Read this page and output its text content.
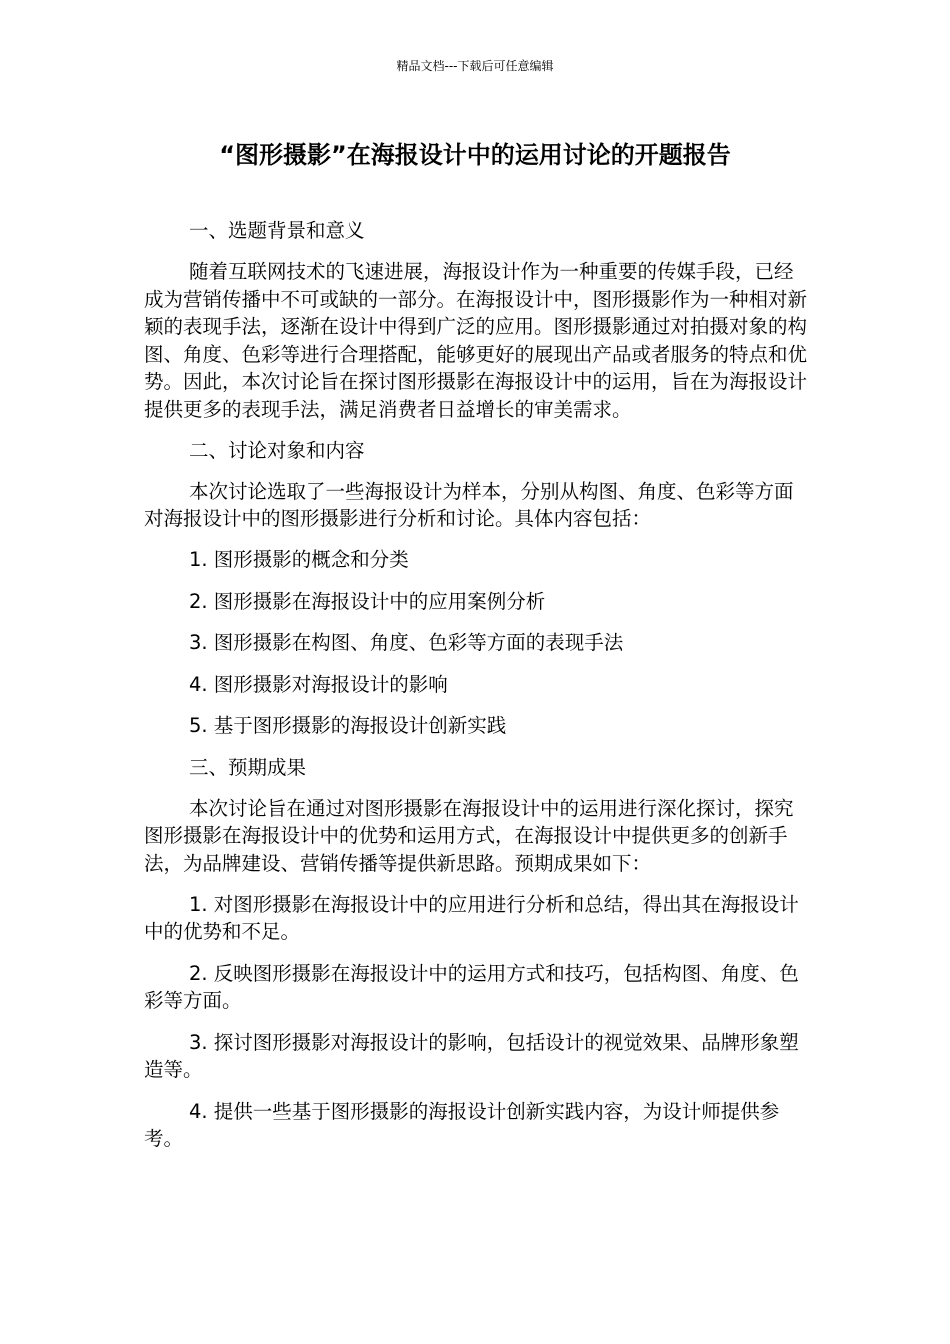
精品文档---下载后可任意编辑
“图形摄影”在海报设计中的运用讨论的开题报告

一、选题背景和意义

随着互联网技术的飞速进展，海报设计作为一种重要的传媒手段，已经成为营销传播中不可或缺的一部分。在海报设计中，图形摄影作为一种相对新颖的表现手法，逐渐在设计中得到广泛的应用。图形摄影通过对拍摄对象的构图、角度、色彩等进行合理搭配，能够更好的展现出产品或者服务的特点和优势。因此，本次讨论旨在探讨图形摄影在海报设计中的运用，旨在为海报设计提供更多的表现手法，满足消费者日益增长的审美需求。

二、讨论对象和内容

本次讨论选取了一些海报设计为样本，分别从构图、角度、色彩等方面对海报设计中的图形摄影进行分析和讨论。具体内容包括：

1. 图形摄影的概念和分类

2. 图形摄影在海报设计中的应用案例分析

3. 图形摄影在构图、角度、色彩等方面的表现手法

4. 图形摄影对海报设计的影响

5. 基于图形摄影的海报设计创新实践

三、预期成果

本次讨论旨在通过对图形摄影在海报设计中的运用进行深化探讨，探究图形摄影在海报设计中的优势和运用方式，在海报设计中提供更多的创新手法，为品牌建设、营销传播等提供新思路。预期成果如下：

1. 对图形摄影在海报设计中的应用进行分析和总结，得出其在海报设计中的优势和不足。

2. 反映图形摄影在海报设计中的运用方式和技巧，包括构图、角度、色彩等方面。

3. 探讨图形摄影对海报设计的影响，包括设计的视觉效果、品牌形象塑造等。

4. 提供一些基于图形摄影的海报设计创新实践内容，为设计师提供参考。
